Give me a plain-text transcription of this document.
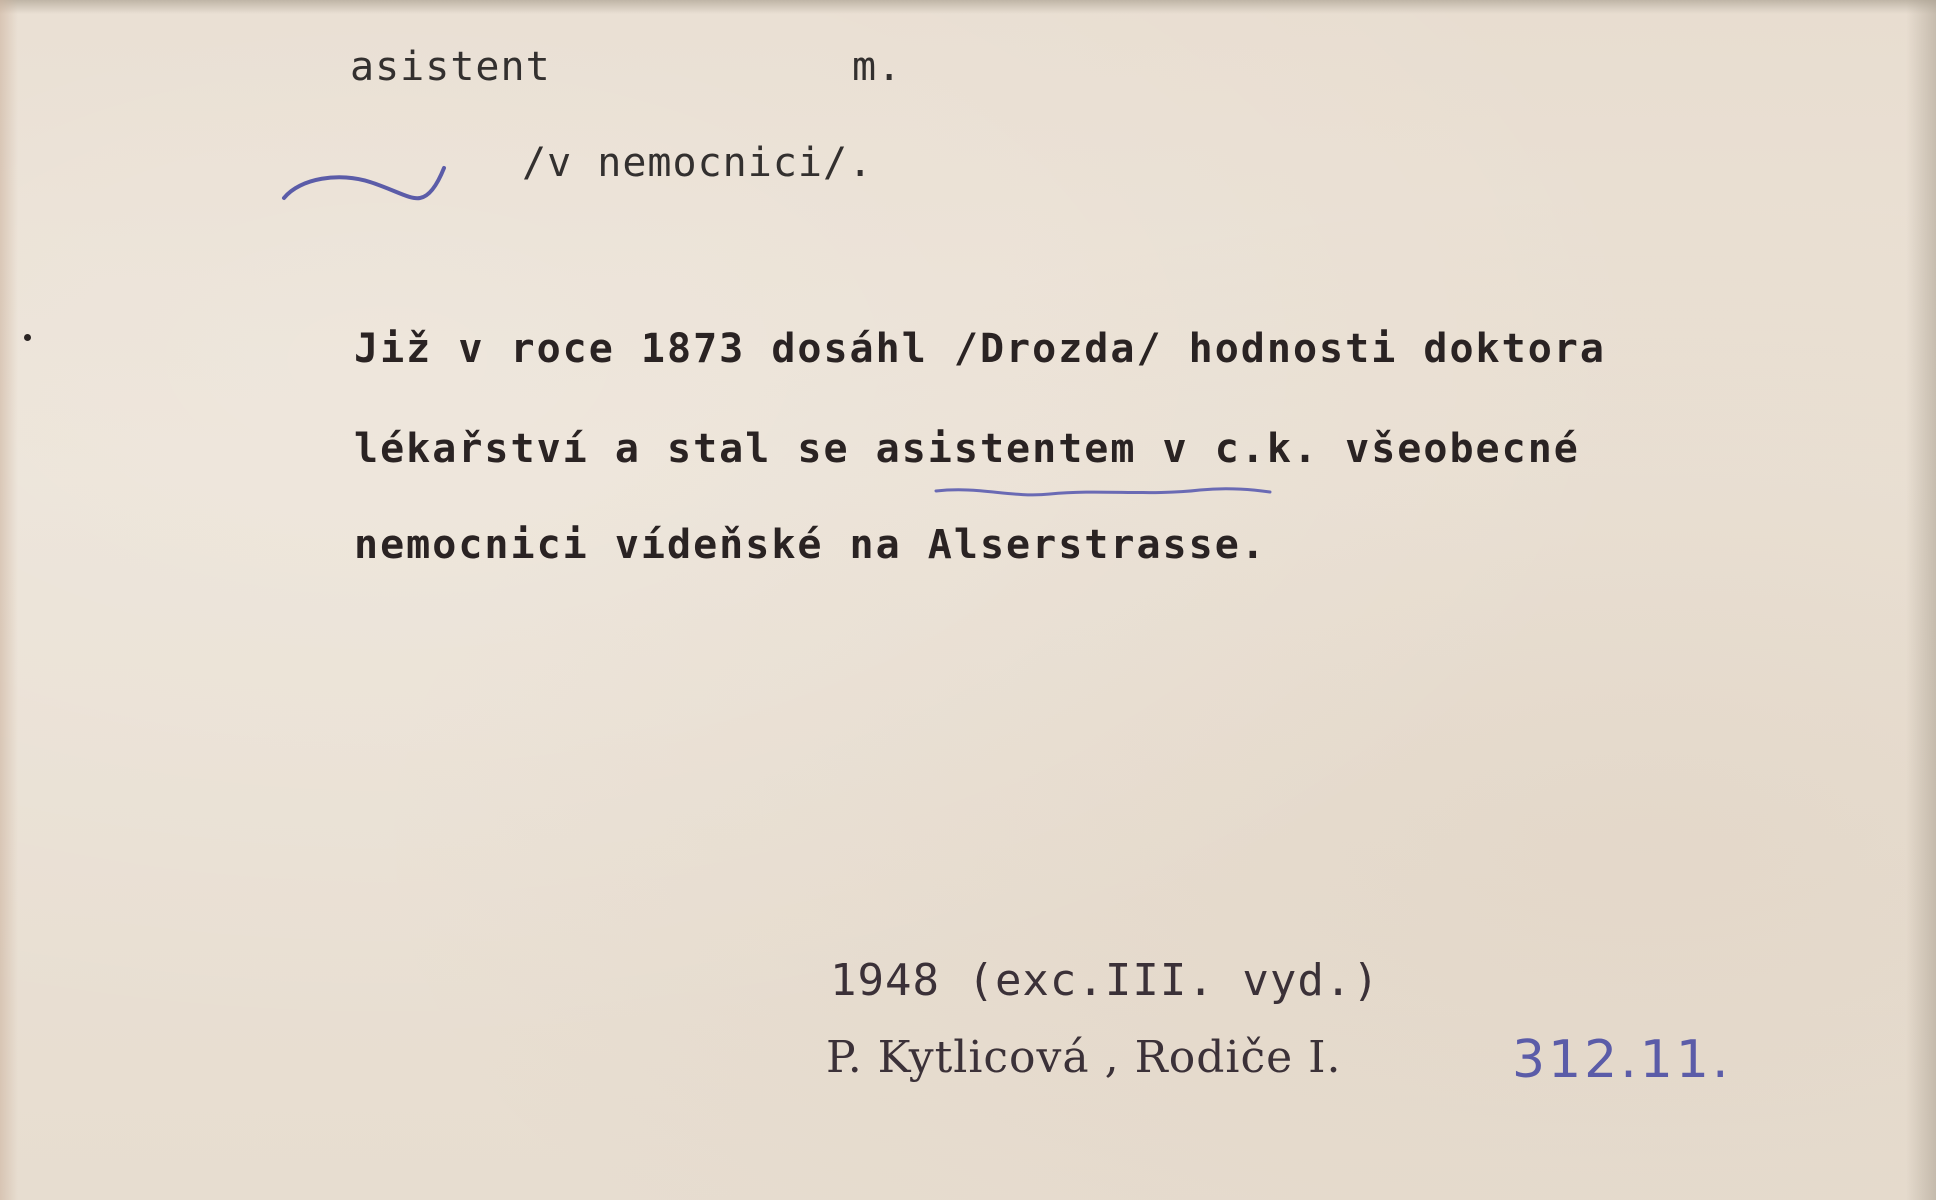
asistent	m.
/v nemocnici/.
Již v roce 1873 dosáhl /Drozda/ hodnosti doktora
lékařství a stal se asistentem v c.k. všeobecné
nemocnici vídeňské na Alserstrasse.
1948 (exc.III. vyd.)
P. Kytlicová , Rodiče I.	312.11.
